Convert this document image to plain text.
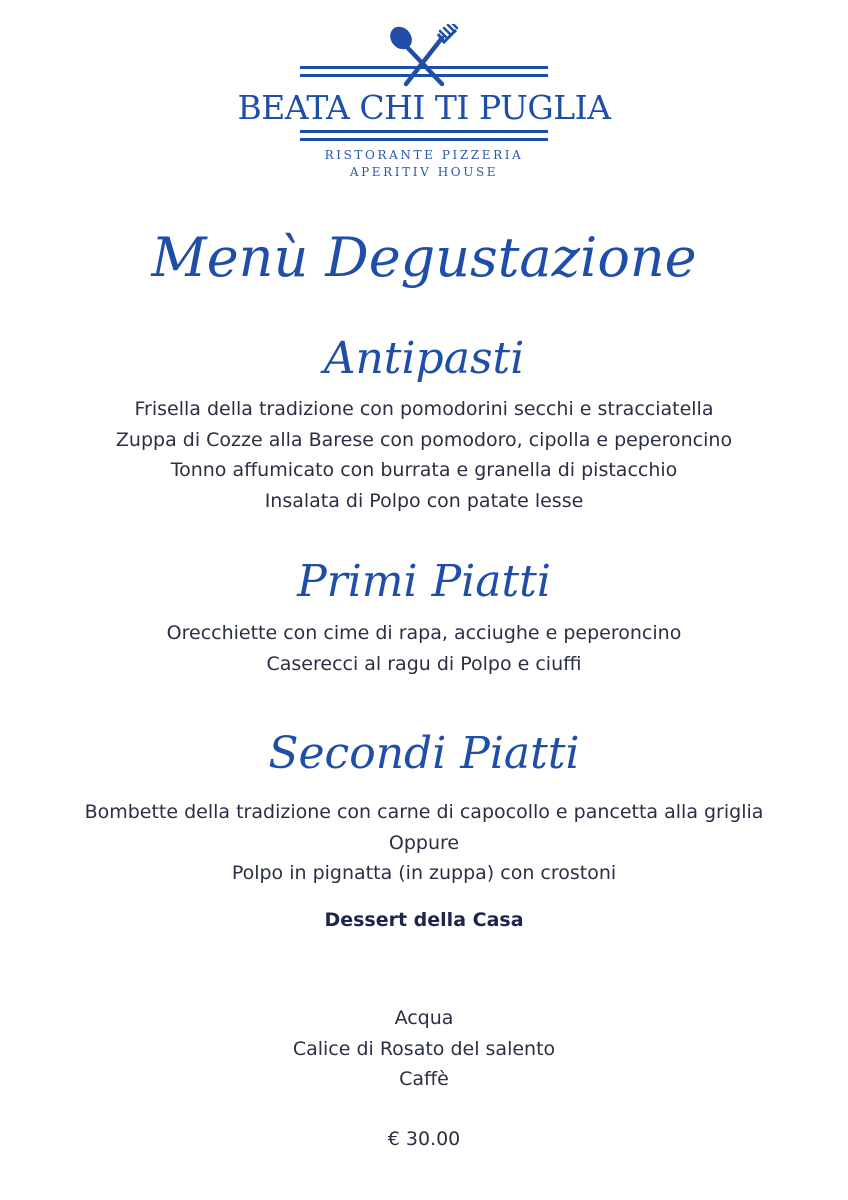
BEATA CHI TI PUGLIA
RISTORANTE PIZZERIA
APERITIV HOUSE
Menù Degustazione
Antipasti
Frisella della tradizione con pomodorini secchi e stracciatella
Zuppa di Cozze alla Barese con pomodoro, cipolla e peperoncino
Tonno affumicato con burrata e granella di pistacchio
Insalata di Polpo con patate lesse
Primi Piatti
Orecchiette con cime di rapa, acciughe e peperoncino
Caserecci al ragu di Polpo e ciuffi
Secondi Piatti
Bombette della tradizione con carne di capocollo e pancetta alla griglia
Oppure
Polpo in pignatta (in zuppa) con crostoni
Dessert della Casa
Acqua
Calice di Rosato del salento
Caffè
€ 30.00
